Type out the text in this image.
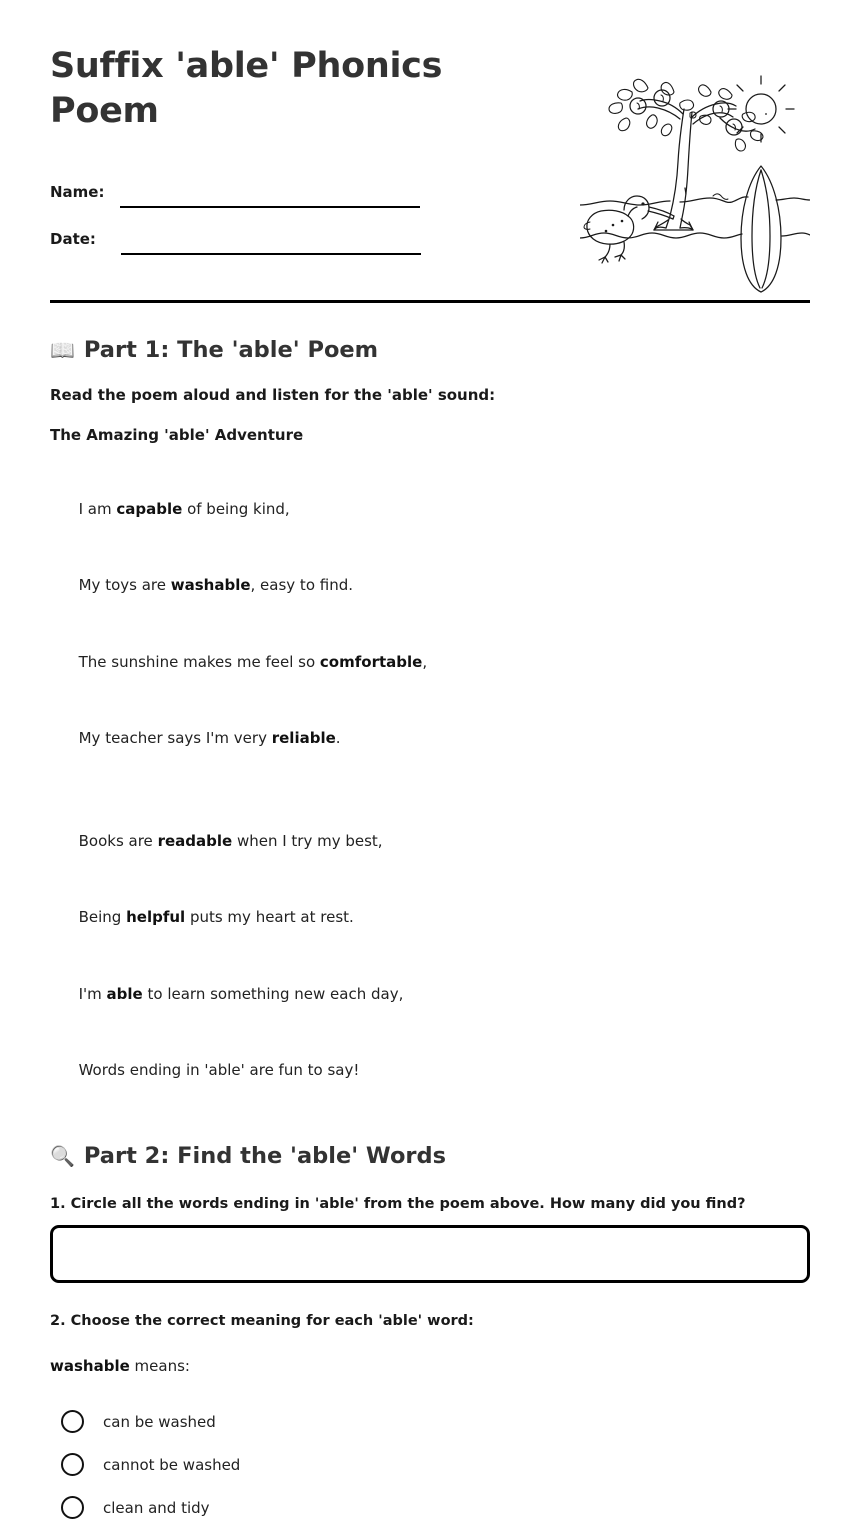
Suffix 'able' Phonics Poem
Name:
Date:
📖 Part 1: The 'able' Poem

Read the poem aloud and listen for the 'able' sound:

The Amazing 'able' Adventure

I am capable of being kind,

My toys are washable, easy to find.

The sunshine makes me feel so comfortable,

My teacher says I'm very reliable.

Books are readable when I try my best,

Being helpful puts my heart at rest.

I'm able to learn something new each day,

Words ending in 'able' are fun to say!

🔍 Part 2: Find the 'able' Words

1. Circle all the words ending in 'able' from the poem above. How many did you find?

2. Choose the correct meaning for each 'able' word:

washable means:

can be washed
cannot be washed
clean and tidy
